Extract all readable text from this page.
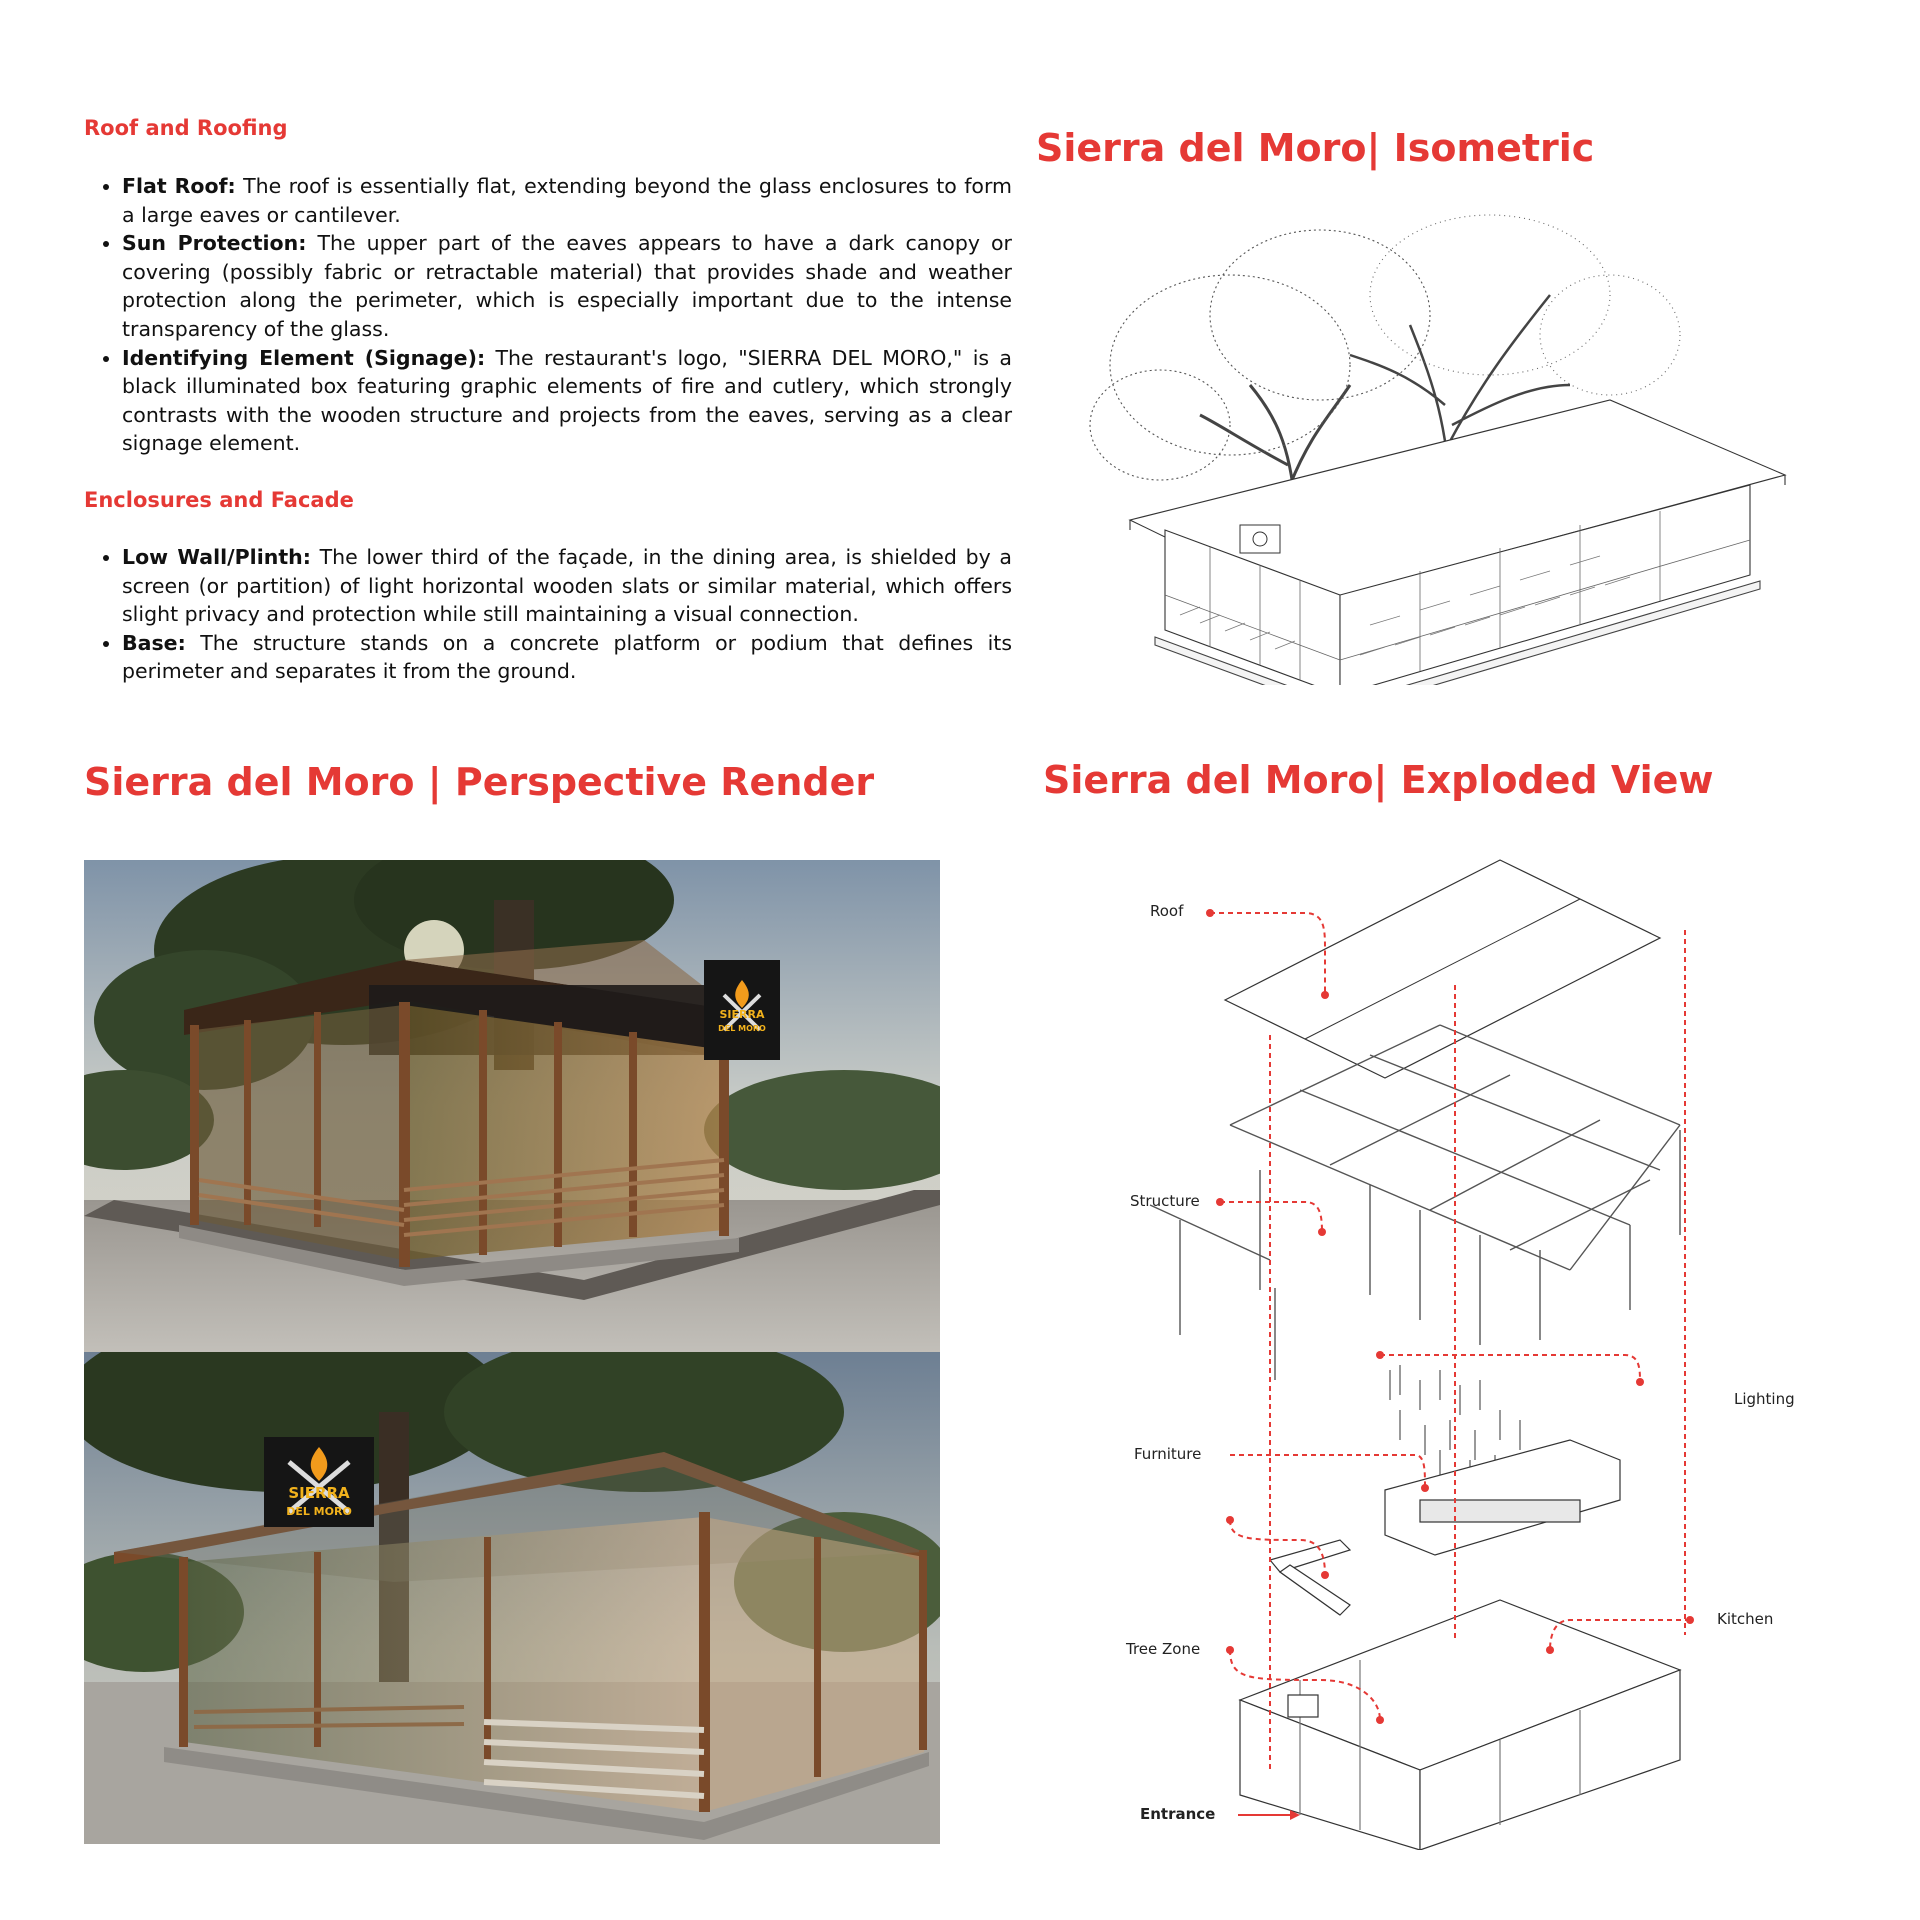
Roof and Roofing
• Flat Roof: The roof is essentially flat, extending beyond the glass enclosures to form a large eaves or cantilever.
• Sun Protection: The upper part of the eaves appears to have a dark canopy or covering (possibly fabric or retractable material) that provides shade and weather protection along the perimeter, which is especially important due to the intense transparency of the glass.
• Identifying Element (Signage): The restaurant's logo, "SIERRA DEL MORO," is a black illuminated box featuring graphic elements of fire and cutlery, which strongly contrasts with the wooden structure and projects from the eaves, serving as a clear signage element.
Enclosures and Facade
• Low Wall/Plinth: The lower third of the façade, in the dining area, is shielded by a screen (or partition) of light horizontal wooden slats or similar material, which offers slight privacy and protection while still maintaining a visual connection.
• Base: The structure stands on a concrete platform or podium that defines its perimeter and separates it from the ground.
Sierra del Moro| Isometric
Sierra del Moro | Perspective Render	Sierra del Moro| Exploded View
SIERRA
DEL MORO
SIERRA
DEL MORO
Roof
Structure
Lighting
Furniture
Kitchen
Tree Zone
Entrance
